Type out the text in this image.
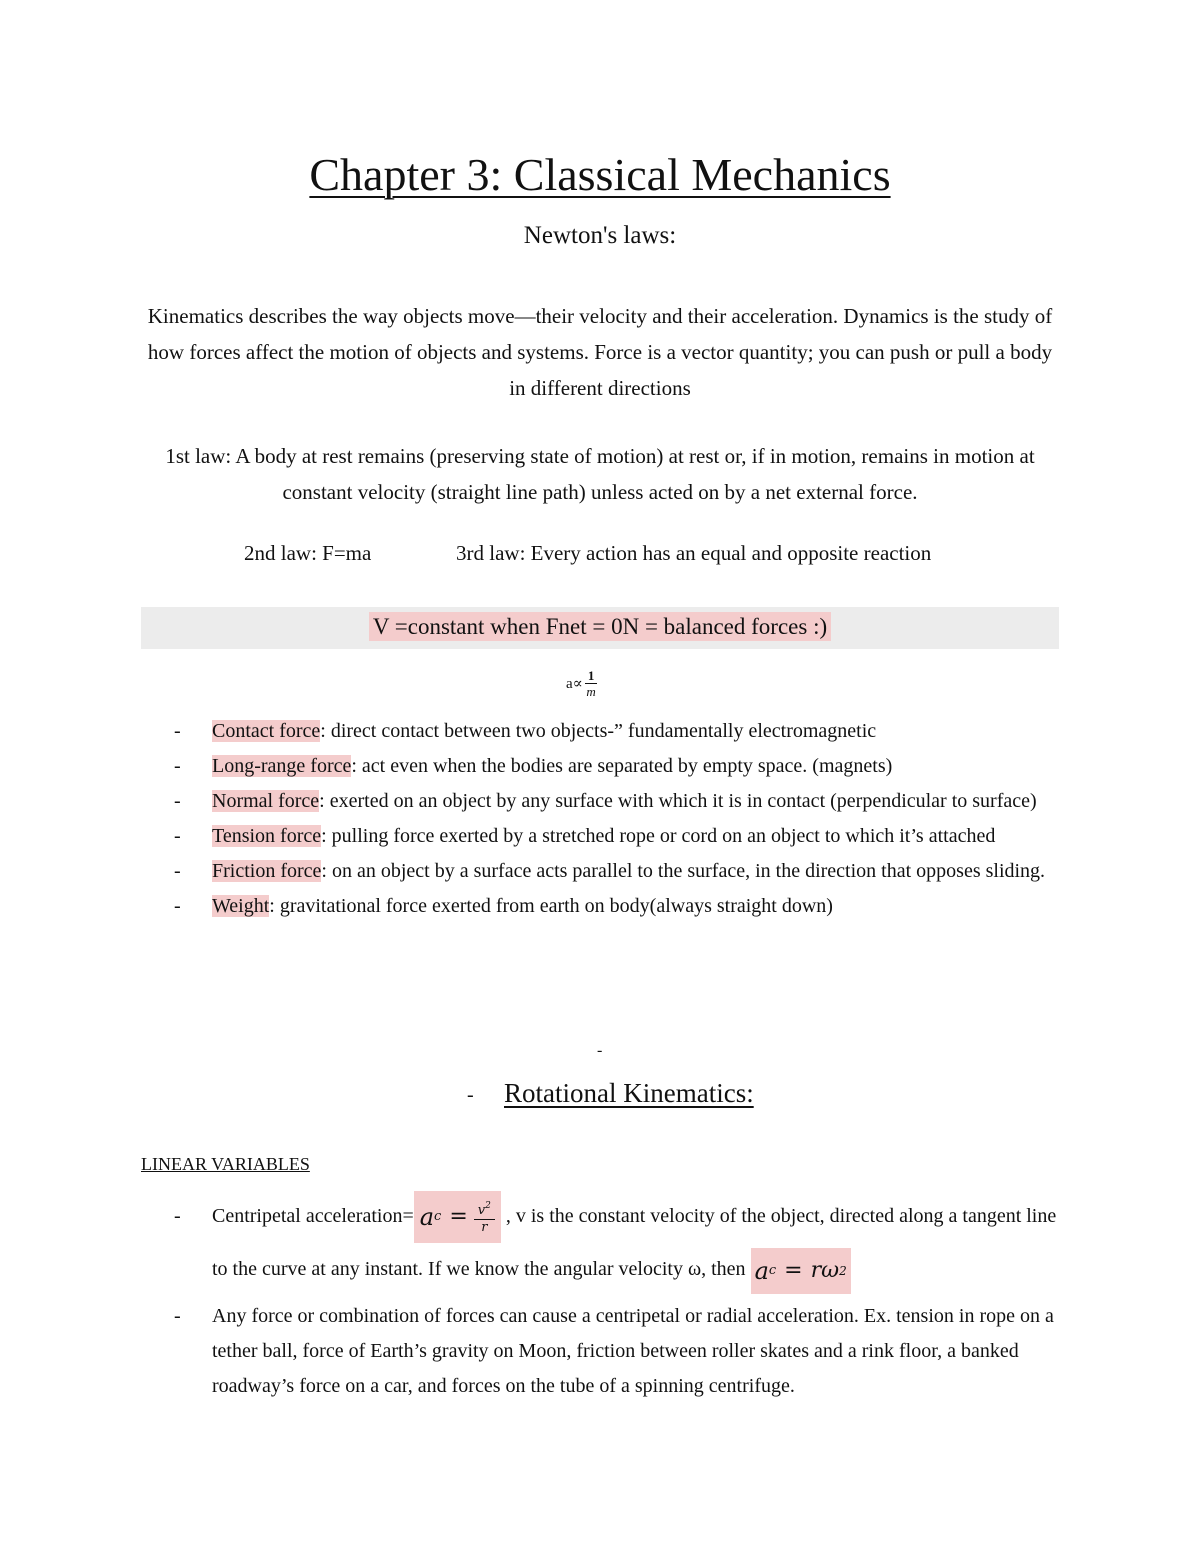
Chapter 3: Classical Mechanics
Newton's laws:
Kinematics describes the way objects move—their velocity and their acceleration. Dynamics is the study of how forces affect the motion of objects and systems. Force is a vector quantity; you can push or pull a body in different directions
1st law: A body at rest remains (preserving state of motion) at rest or, if in motion, remains in motion at constant velocity (straight line path) unless acted on by a net external force.
2nd law: F=ma	3rd law: Every action has an equal and opposite reaction
V =constant when Fnet = 0N = balanced forces :)
$a\propto \frac{1}{m}$
- Contact force: direct contact between two objects-” fundamentally electromagnetic
- Long-range force: act even when the bodies are separated by empty space. (magnets)
- Normal force: exerted on an object by any surface with which it is in contact (perpendicular to surface)
- Tension force: pulling force exerted by a stretched rope or cord on an object to which it’s attached
- Friction force: on an object by a surface acts parallel to the surface, in the direction that opposes sliding.
- Weight: gravitational force exerted from earth on body(always straight down)
-
- Rotational Kinematics:
LINEAR VARIABLES
- Centripetal acceleration= a $c = \frac{v^2}{r}$ , v is the constant velocity of the object, directed along a tangent line to the curve at any instant. If we know the angular velocity ω, then a c = rω 2
- Any force or combination of forces can cause a centripetal or radial acceleration. Ex. tension in rope on a tether ball, force of Earth’s gravity on Moon, friction between roller skates and a rink floor, a banked roadway’s force on a car, and forces on the tube of a spinning centrifuge.
